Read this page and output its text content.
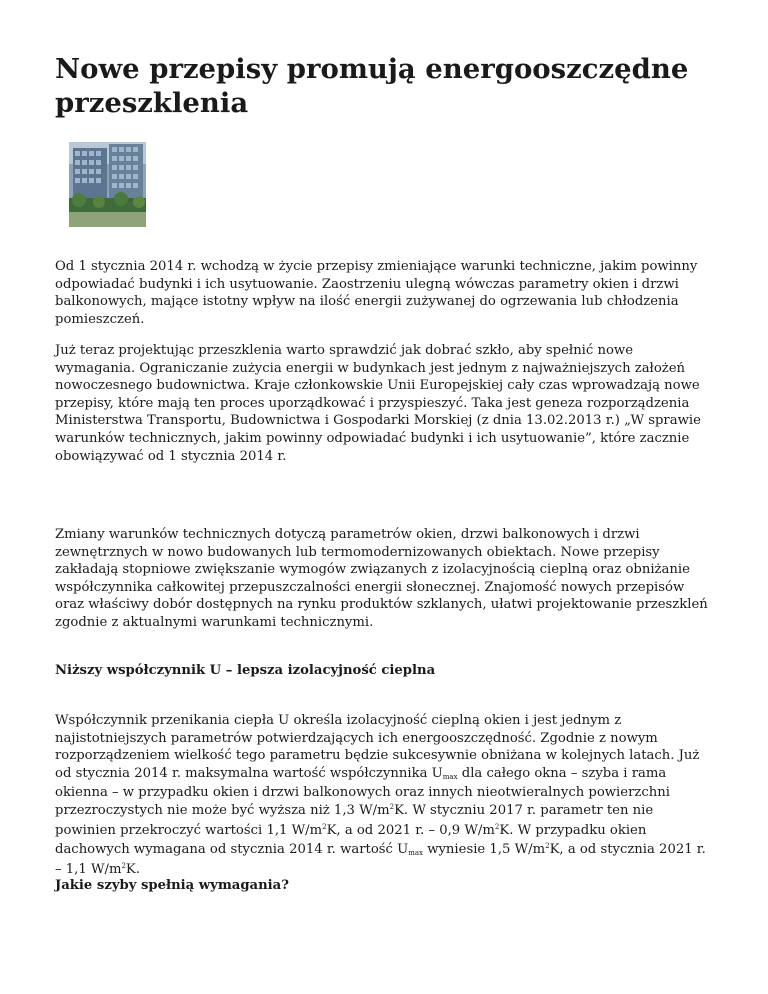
Nowe przepisy promują energooszczędne przeszklenia

Od 1 stycznia 2014 r. wchodzą w życie przepisy zmieniające warunki techniczne, jakim powinny odpowiadać budynki i ich usytuowanie. Zaostrzeniu ulegną wówczas parametry okien i drzwi balkonowych, mające istotny wpływ na ilość energii zużywanej do ogrzewania lub chłodzenia pomieszczeń.

Już teraz projektując przeszklenia warto sprawdzić jak dobrać szkło, aby spełnić nowe wymagania. Ograniczanie zużycia energii w budynkach jest jednym z najważniejszych założeń nowoczesnego budownictwa. Kraje członkowskie Unii Europejskiej cały czas wprowadzają nowe przepisy, które mają ten proces uporządkować i przyspieszyć. Taka jest geneza rozporządzenia Ministerstwa Transportu, Budownictwa i Gospodarki Morskiej (z dnia 13.02.2013 r.) „W sprawie warunków technicznych, jakim powinny odpowiadać budynki i ich usytuowanie”, które zacznie obowiązywać od 1 stycznia 2014 r.

Zmiany warunków technicznych dotyczą parametrów okien, drzwi balkonowych i drzwi zewnętrznych w nowo budowanych lub termomodernizowanych obiektach. Nowe przepisy zakładają stopniowe zwiększanie wymogów związanych z izolacyjnością cieplną oraz obniżanie współczynnika całkowitej przepuszczalności energii słonecznej. Znajomość nowych przepisów oraz właściwy dobór dostępnych na rynku produktów szklanych, ułatwi projektowanie przeszkleń zgodnie z aktualnymi warunkami technicznymi.

Niższy współczynnik U – lepsza izolacyjność cieplna

Współczynnik przenikania ciepła U określa izolacyjność cieplną okien i jest jednym z najistotniejszych parametrów potwierdzających ich energooszczędność. Zgodnie z nowym rozporządzeniem wielkość tego parametru będzie sukcesywnie obniżana w kolejnych latach. Już od stycznia 2014 r. maksymalna wartość współczynnika Umax dla całego okna – szyba i rama okienna – w przypadku okien i drzwi balkonowych oraz innych nieotwieralnych powierzchni przezroczystych nie może być wyższa niż 1,3 $W/m^2K$. W styczniu 2017 r. parametr ten nie powinien przekroczyć wartości 1,1 $W/m^2K$, a od 2021 r. – 0,9 $W/m^2K$. W przypadku okien dachowych wymagana od stycznia 2014 r. wartość Umax wyniesie 1,5 $W/m^2K$, a od stycznia 2021 r. – 1,1 $W/m^2K$.

Jakie szyby spełnią wymagania?
